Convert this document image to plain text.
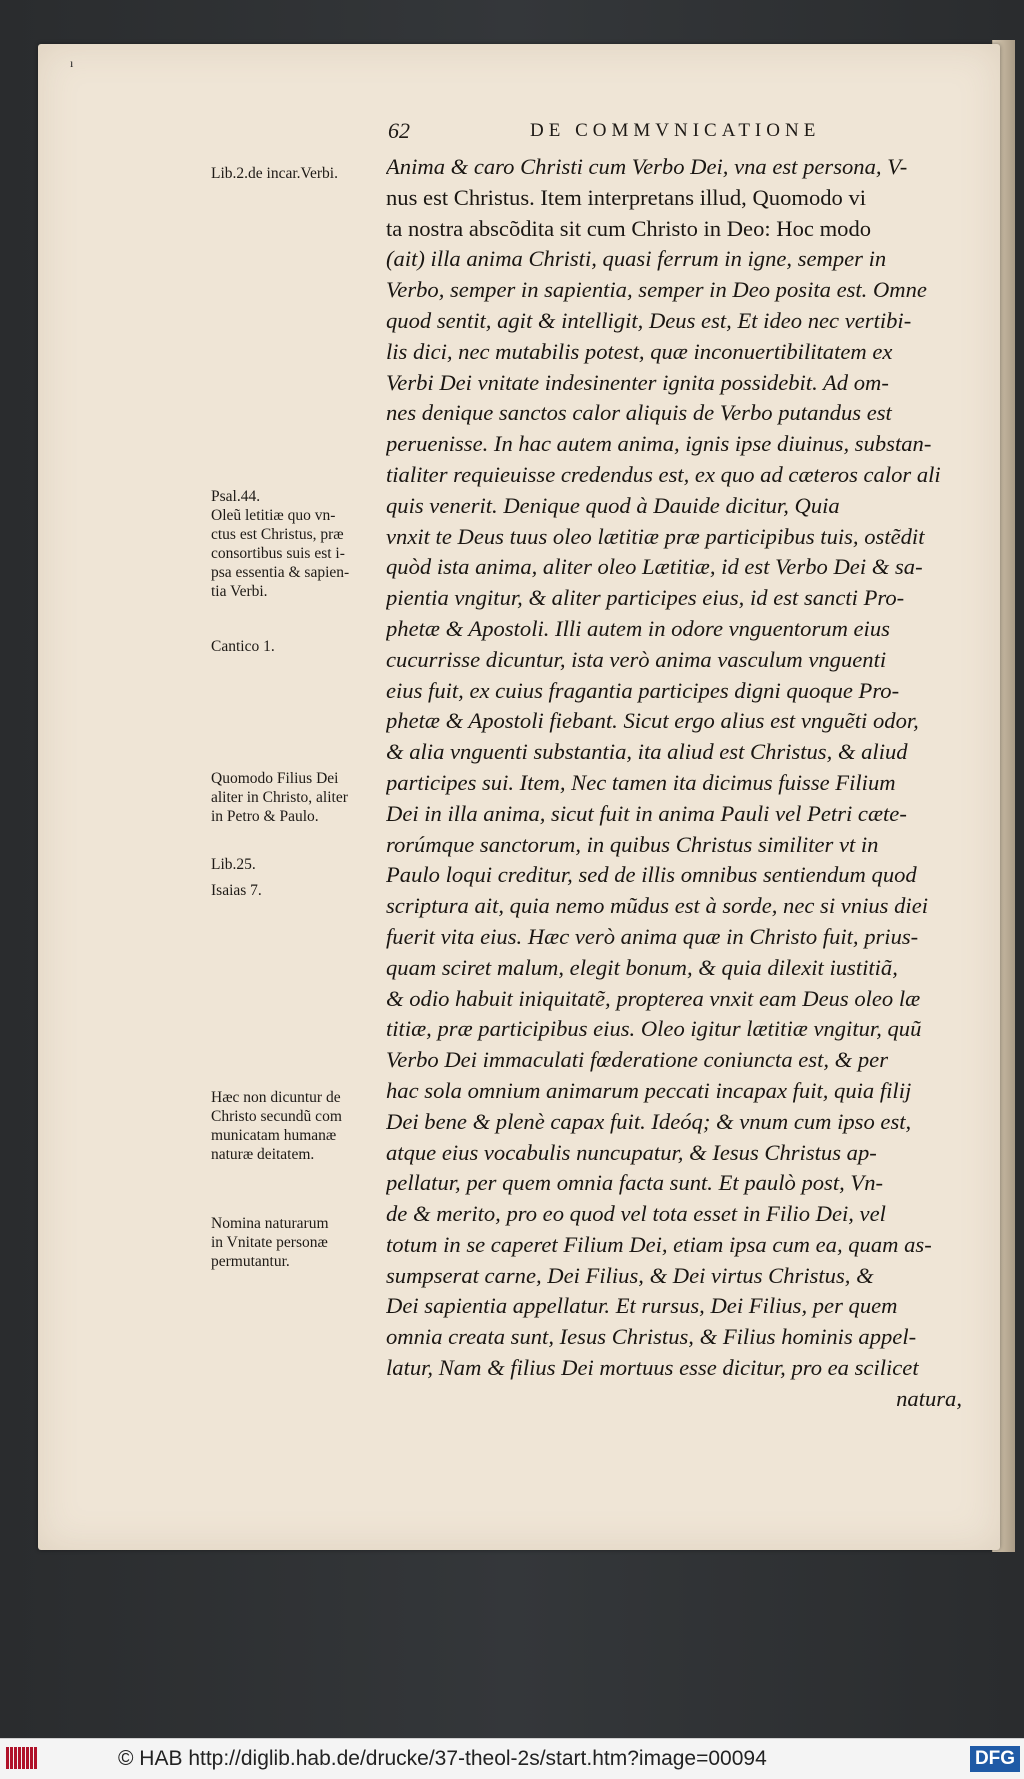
ı
62	DE COMMVNICATIONE
Anima & caro Christi cum Verbo Dei, vna est persona, V-
nus est Christus. Item interpretans illud, Quomodo vi
ta nostra abscõdita sit cum Christo in Deo: Hoc modo
(ait) illa anima Christi, quasi ferrum in igne, semper in
Verbo, semper in sapientia, semper in Deo posita est. Omne
quod sentit, agit & intelligit, Deus est, Et ideo nec vertibi-
lis dici, nec mutabilis potest, quæ inconuertibilitatem ex
Verbi Dei vnitate indesinenter ignita possidebit. Ad om-
nes denique sanctos calor aliquis de Verbo putandus est
peruenisse. In hac autem anima, ignis ipse diuinus, substan-
tialiter requieuisse credendus est, ex quo ad cæteros calor ali
quis venerit. Denique quod à Dauide dicitur, Quia
vnxit te Deus tuus oleo lætitiæ præ participibus tuis, ostẽdit
quòd ista anima, aliter oleo Lætitiæ, id est Verbo Dei & sa-
pientia vngitur, & aliter participes eius, id est sancti Pro-
phetæ & Apostoli. Illi autem in odore vnguentorum eius
cucurrisse dicuntur, ista verò anima vasculum vnguenti
eius fuit, ex cuius fragantia participes digni quoque Pro-
phetæ & Apostoli fiebant. Sicut ergo alius est vnguẽti odor,
& alia vnguenti substantia, ita aliud est Christus, & aliud
participes sui. Item, Nec tamen ita dicimus fuisse Filium
Dei in illa anima, sicut fuit in anima Pauli vel Petri cæte-
rorúmque sanctorum, in quibus Christus similiter vt in
Paulo loqui creditur, sed de illis omnibus sentiendum quod
scriptura ait, quia nemo mũdus est à sorde, nec si vnius diei
fuerit vita eius. Hæc verò anima quæ in Christo fuit, prius-
quam sciret malum, elegit bonum, & quia dilexit iustitiã,
& odio habuit iniquitatẽ, propterea vnxit eam Deus oleo læ
titiæ, præ participibus eius. Oleo igitur lætitiæ vngitur, quũ
Verbo Dei immaculati fœderatione coniuncta est, & per
hac sola omnium animarum peccati incapax fuit, quia filij
Dei bene & plenè capax fuit. Ideóq; & vnum cum ipso est,
atque eius vocabulis nuncupatur, & Iesus Christus ap-
pellatur, per quem omnia facta sunt. Et paulò post, Vn-
de & merito, pro eo quod vel tota esset in Filio Dei, vel
totum in se caperet Filium Dei, etiam ipsa cum ea, quam as-
sumpserat carne, Dei Filius, & Dei virtus Christus, &
Dei sapientia appellatur. Et rursus, Dei Filius, per quem
omnia creata sunt, Iesus Christus, & Filius hominis appel-
latur, Nam & filius Dei mortuus esse dicitur, pro ea scilicet
natura,
Lib.2.de incar.Verbi.
Psal.44.
Oleũ letitiæ quo vn-
ctus est Christus, præ
consortibus suis est i-
psa essentia & sapien-
tia Verbi.
Cantico 1.
Quomodo Filius Dei
aliter in Christo, aliter
in Petro & Paulo.
Lib.25.
Isaias 7.
Hæc non dicuntur de
Christo secundũ com
municatam humanæ
naturæ deitatem.
Nomina naturarum
in Vnitate personæ
permutantur.
© HAB http://diglib.hab.de/drucke/37-theol-2s/start.htm?image=00094	DFG
